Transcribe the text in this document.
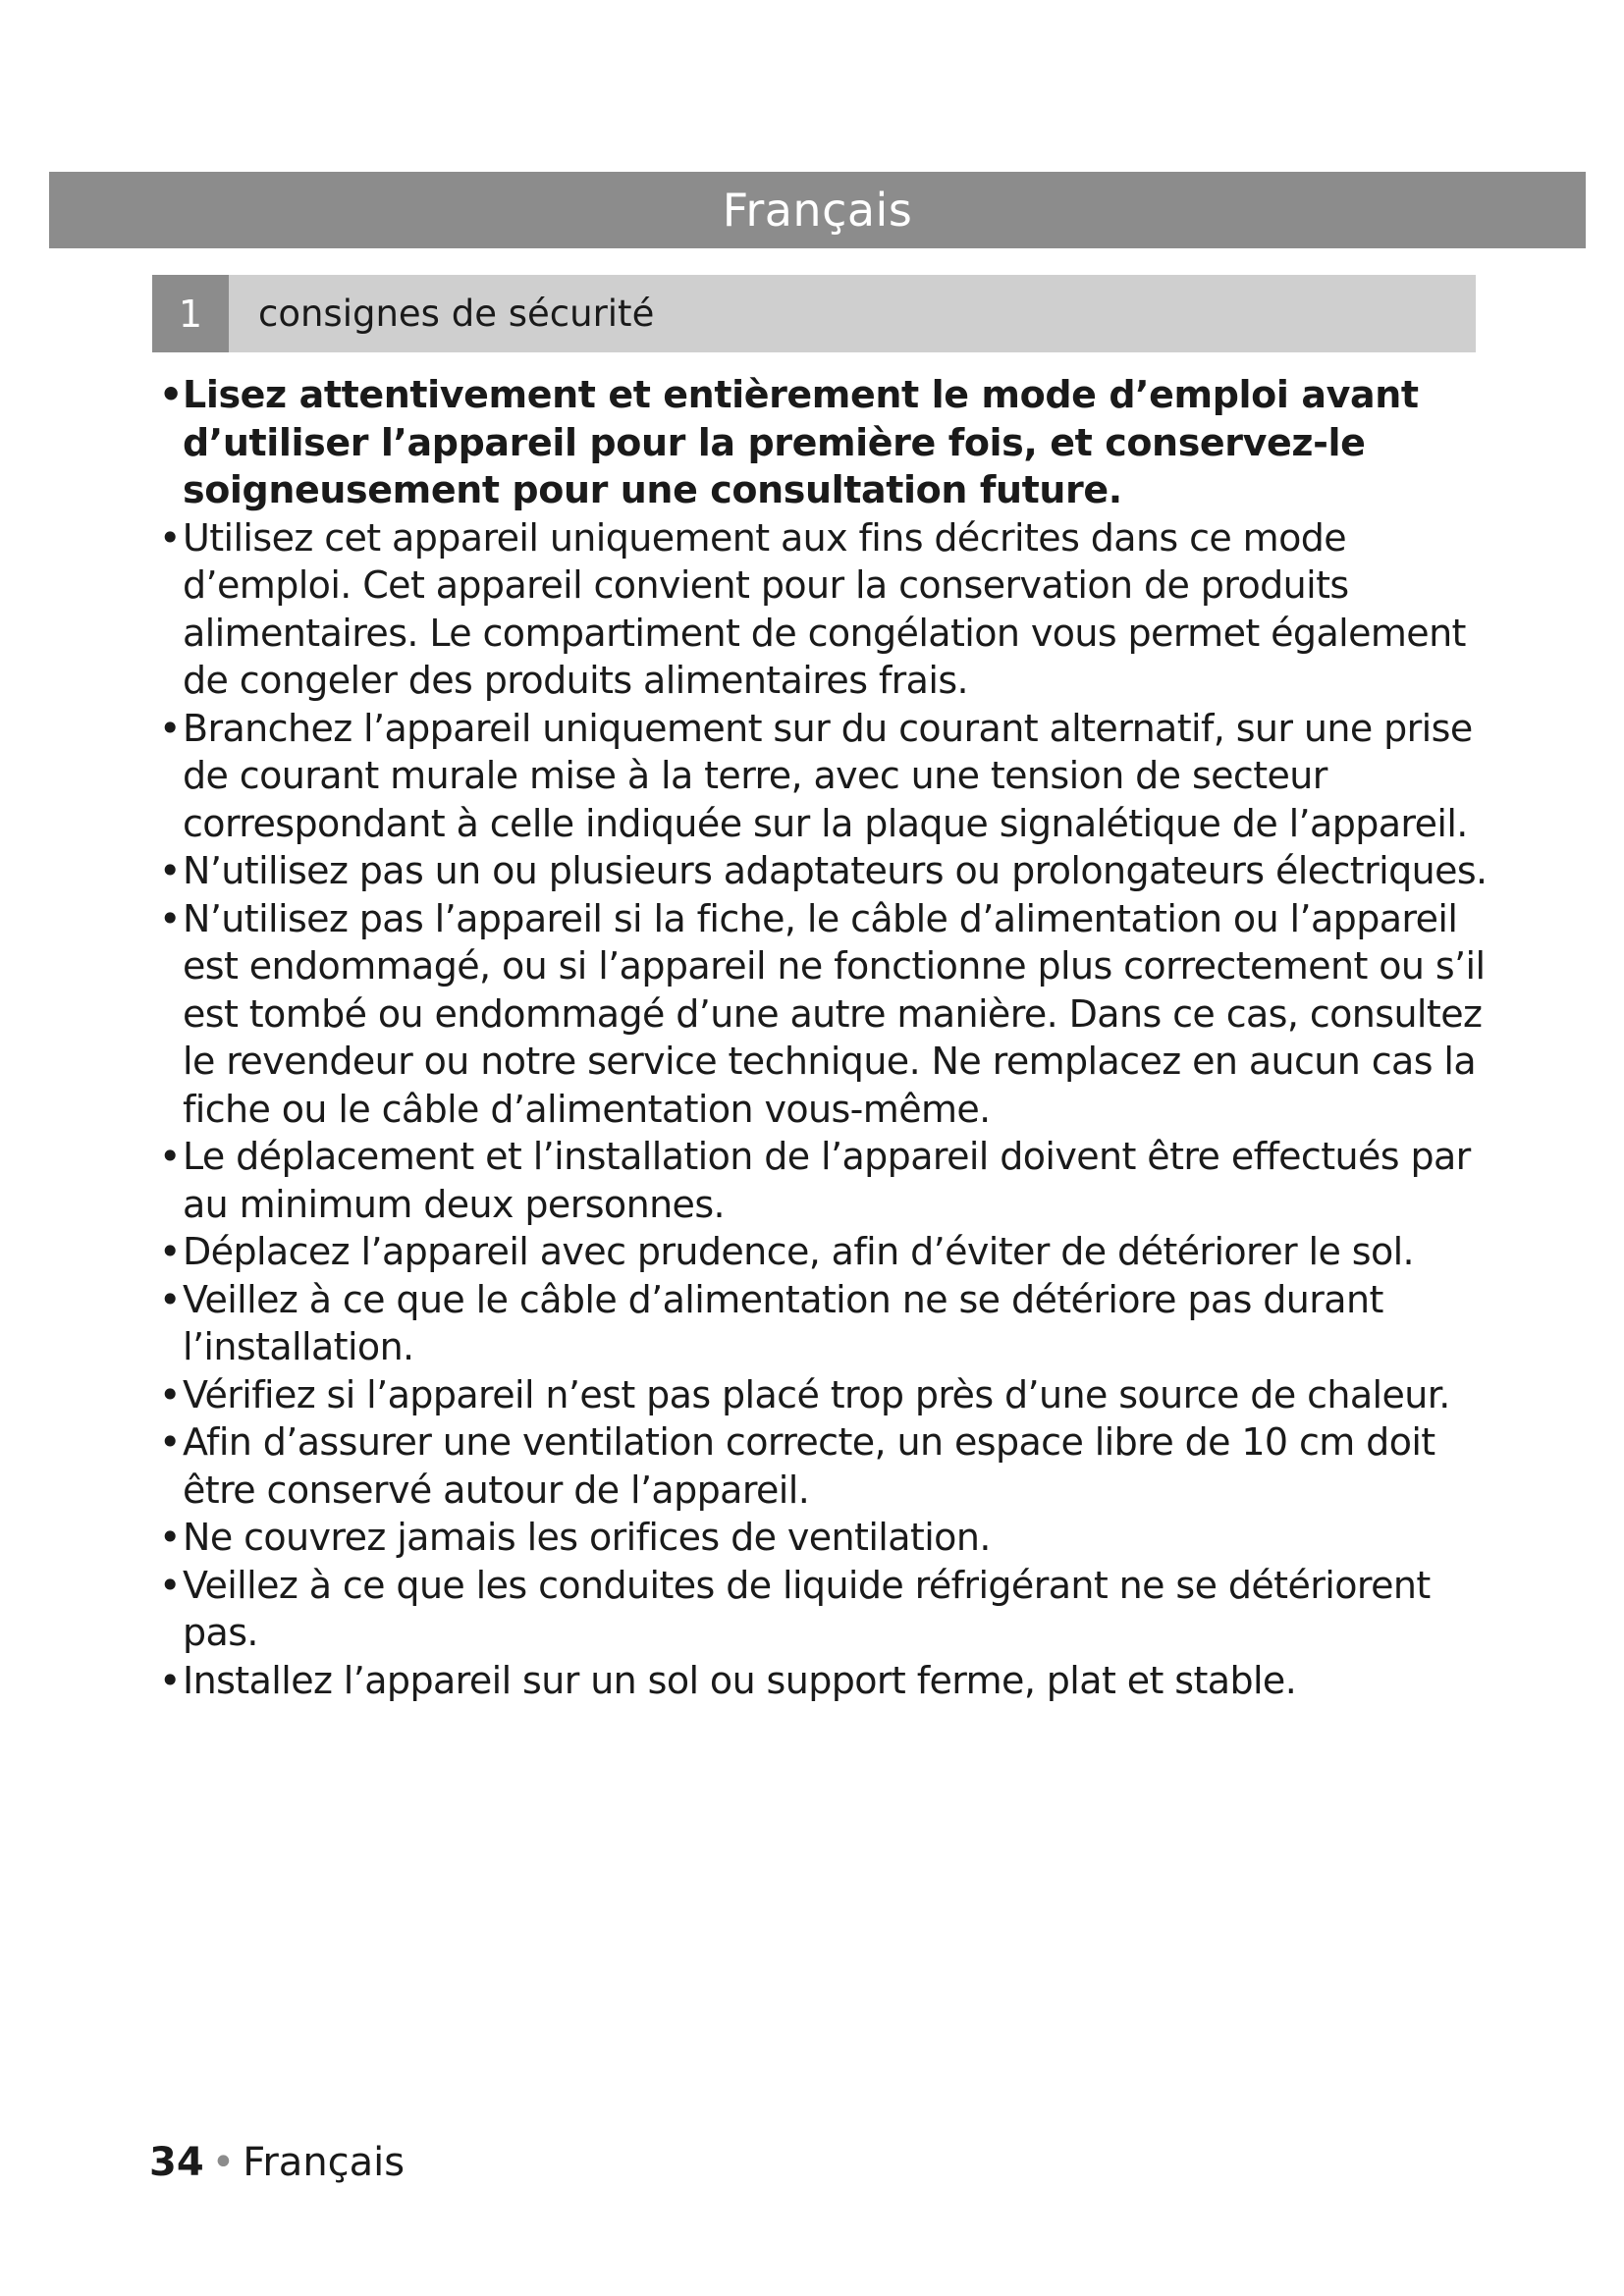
Français
1	consignes de sécurité
• Lisez attentivement et entièrement le mode d’emploi avant d’utiliser l’appareil pour la première fois, et conservez-le soigneusement pour une consultation future.
• Utilisez cet appareil uniquement aux fins décrites dans ce mode d’emploi. Cet appareil convient pour la conservation de produits alimentaires. Le compartiment de congélation vous permet également de congeler des produits alimentaires frais.
• Branchez l’appareil uniquement sur du courant alternatif, sur une prise de courant murale mise à la terre, avec une tension de secteur correspondant à celle indiquée sur la plaque signalétique de l’appareil.
• N’utilisez pas un ou plusieurs adaptateurs ou prolongateurs électriques.
• N’utilisez pas l’appareil si la fiche, le câble d’alimentation ou l’appareil est endommagé, ou si l’appareil ne fonctionne plus correctement ou s’il est tombé ou endommagé d’une autre manière. Dans ce cas, consultez le revendeur ou notre service technique. Ne remplacez en aucun cas la fiche ou le câble d’alimentation vous-même.
• Le déplacement et l’installation de l’appareil doivent être effectués par au minimum deux personnes.
• Déplacez l’appareil avec prudence, afin d’éviter de détériorer le sol.
• Veillez à ce que le câble d’alimentation ne se détériore pas durant l’installation.
• Vérifiez si l’appareil n’est pas placé trop près d’une source de chaleur.
• Afin d’assurer une ventilation correcte, un espace libre de 10 cm doit être conservé autour de l’appareil.
• Ne couvrez jamais les orifices de ventilation.
• Veillez à ce que les conduites de liquide réfrigérant ne se détériorent pas.
• Installez l’appareil sur un sol ou support ferme, plat et stable.
34 • Français
